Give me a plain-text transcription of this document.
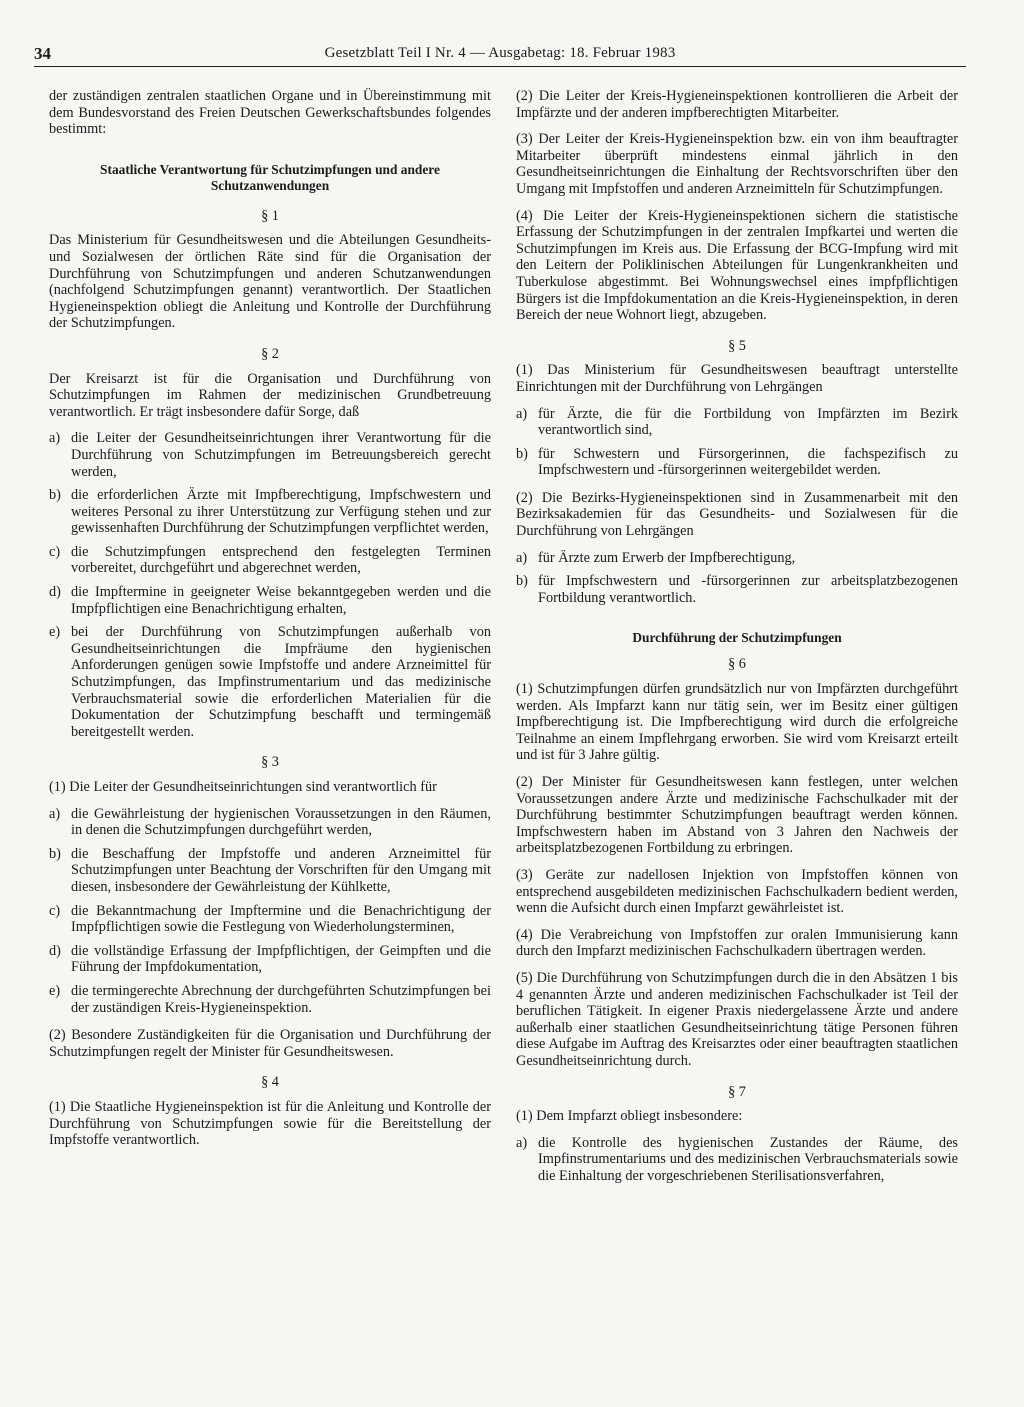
34	Gesetzblatt Teil I Nr. 4 — Ausgabetag: 18. Februar 1983

der zuständigen zentralen staatlichen Organe und in Übereinstimmung mit dem Bundesvorstand des Freien Deutschen Gewerkschaftsbundes folgendes bestimmt:

Staatliche Verantwortung für Schutzimpfungen und andere Schutzanwendungen
§ 1

Das Ministerium für Gesundheitswesen und die Abteilungen Gesundheits- und Sozialwesen der örtlichen Räte sind für die Organisation der Durchführung von Schutzimpfungen und anderen Schutzanwendungen (nachfolgend Schutzimpfungen genannt) verantwortlich. Der Staatlichen Hygieneinspektion obliegt die Anleitung und Kontrolle der Durchführung der Schutzimpfungen.

§ 2

Der Kreisarzt ist für die Organisation und Durchführung von Schutzimpfungen im Rahmen der medizinischen Grundbetreuung verantwortlich. Er trägt insbesondere dafür Sorge, daß

a) die Leiter der Gesundheitseinrichtungen ihrer Verantwortung für die Durchführung von Schutzimpfungen im Betreuungsbereich gerecht werden,
b) die erforderlichen Ärzte mit Impfberechtigung, Impfschwestern und weiteres Personal zu ihrer Unterstützung zur Verfügung stehen und zur gewissenhaften Durchführung der Schutzimpfungen verpflichtet werden,
c) die Schutzimpfungen entsprechend den festgelegten Terminen vorbereitet, durchgeführt und abgerechnet werden,
d) die Impftermine in geeigneter Weise bekanntgegeben werden und die Impfpflichtigen eine Benachrichtigung erhalten,
e) bei der Durchführung von Schutzimpfungen außerhalb von Gesundheitseinrichtungen die Impfräume den hygienischen Anforderungen genügen sowie Impfstoffe und andere Arzneimittel für Schutzimpfungen, das Impfinstrumentarium und das medizinische Verbrauchsmaterial sowie die erforderlichen Materialien für die Dokumentation der Schutzimpfung beschafft und termingemäß bereitgestellt werden.
§ 3

(1) Die Leiter der Gesundheitseinrichtungen sind verantwortlich für

a) die Gewährleistung der hygienischen Voraussetzungen in den Räumen, in denen die Schutzimpfungen durchgeführt werden,
b) die Beschaffung der Impfstoffe und anderen Arzneimittel für Schutzimpfungen unter Beachtung der Vorschriften für den Umgang mit diesen, insbesondere der Gewährleistung der Kühlkette,
c) die Bekanntmachung der Impftermine und die Benachrichtigung der Impfpflichtigen sowie die Festlegung von Wiederholungsterminen,
d) die vollständige Erfassung der Impfpflichtigen, der Geimpften und die Führung der Impfdokumentation,
e) die termingerechte Abrechnung der durchgeführten Schutzimpfungen bei der zuständigen Kreis-Hygieneinspektion.

(2) Besondere Zuständigkeiten für die Organisation und Durchführung der Schutzimpfungen regelt der Minister für Gesundheitswesen.

§ 4

(1) Die Staatliche Hygieneinspektion ist für die Anleitung und Kontrolle der Durchführung von Schutzimpfungen sowie für die Bereitstellung der Impfstoffe verantwortlich.

(2) Die Leiter der Kreis-Hygieneinspektionen kontrollieren die Arbeit der Impfärzte und der anderen impfberechtigten Mitarbeiter.

(3) Der Leiter der Kreis-Hygieneinspektion bzw. ein von ihm beauftragter Mitarbeiter überprüft mindestens einmal jährlich in den Gesundheitseinrichtungen die Einhaltung der Rechtsvorschriften über den Umgang mit Impfstoffen und anderen Arzneimitteln für Schutzimpfungen.

(4) Die Leiter der Kreis-Hygieneinspektionen sichern die statistische Erfassung der Schutzimpfungen in der zentralen Impfkartei und werten die Schutzimpfungen im Kreis aus. Die Erfassung der BCG-Impfung wird mit den Leitern der Poliklinischen Abteilungen für Lungenkrankheiten und Tuberkulose abgestimmt. Bei Wohnungswechsel eines impfpflichtigen Bürgers ist die Impfdokumentation an die Kreis-Hygieneinspektion, in deren Bereich der neue Wohnort liegt, abzugeben.

§ 5

(1) Das Ministerium für Gesundheitswesen beauftragt unterstellte Einrichtungen mit der Durchführung von Lehrgängen

a) für Ärzte, die für die Fortbildung von Impfärzten im Bezirk verantwortlich sind,
b) für Schwestern und Fürsorgerinnen, die fachspezifisch zu Impfschwestern und -fürsorgerinnen weitergebildet werden.

(2) Die Bezirks-Hygieneinspektionen sind in Zusammenarbeit mit den Bezirksakademien für das Gesundheits- und Sozialwesen für die Durchführung von Lehrgängen

a) für Ärzte zum Erwerb der Impfberechtigung,
b) für Impfschwestern und -fürsorgerinnen zur arbeitsplatzbezogenen Fortbildung verantwortlich.
Durchführung der Schutzimpfungen
§ 6

(1) Schutzimpfungen dürfen grundsätzlich nur von Impfärzten durchgeführt werden. Als Impfarzt kann nur tätig sein, wer im Besitz einer gültigen Impfberechtigung ist. Die Impfberechtigung wird durch die erfolgreiche Teilnahme an einem Impflehrgang erworben. Sie wird vom Kreisarzt erteilt und ist für 3 Jahre gültig.

(2) Der Minister für Gesundheitswesen kann festlegen, unter welchen Voraussetzungen andere Ärzte und medizinische Fachschulkader mit der Durchführung bestimmter Schutzimpfungen beauftragt werden können. Impfschwestern haben im Abstand von 3 Jahren den Nachweis der arbeitsplatzbezogenen Fortbildung zu erbringen.

(3) Geräte zur nadellosen Injektion von Impfstoffen können von entsprechend ausgebildeten medizinischen Fachschulkadern bedient werden, wenn die Aufsicht durch einen Impfarzt gewährleistet ist.

(4) Die Verabreichung von Impfstoffen zur oralen Immunisierung kann durch den Impfarzt medizinischen Fachschulkadern übertragen werden.

(5) Die Durchführung von Schutzimpfungen durch die in den Absätzen 1 bis 4 genannten Ärzte und anderen medizinischen Fachschulkader ist Teil der beruflichen Tätigkeit. In eigener Praxis niedergelassene Ärzte und andere außerhalb einer staatlichen Gesundheitseinrichtung tätige Personen führen diese Aufgabe im Auftrag des Kreisarztes oder einer beauftragten staatlichen Gesundheitseinrichtung durch.

§ 7

(1) Dem Impfarzt obliegt insbesondere:

a) die Kontrolle des hygienischen Zustandes der Räume, des Impfinstrumentariums und des medizinischen Verbrauchsmaterials sowie die Einhaltung der vorgeschriebenen Sterilisationsverfahren,
